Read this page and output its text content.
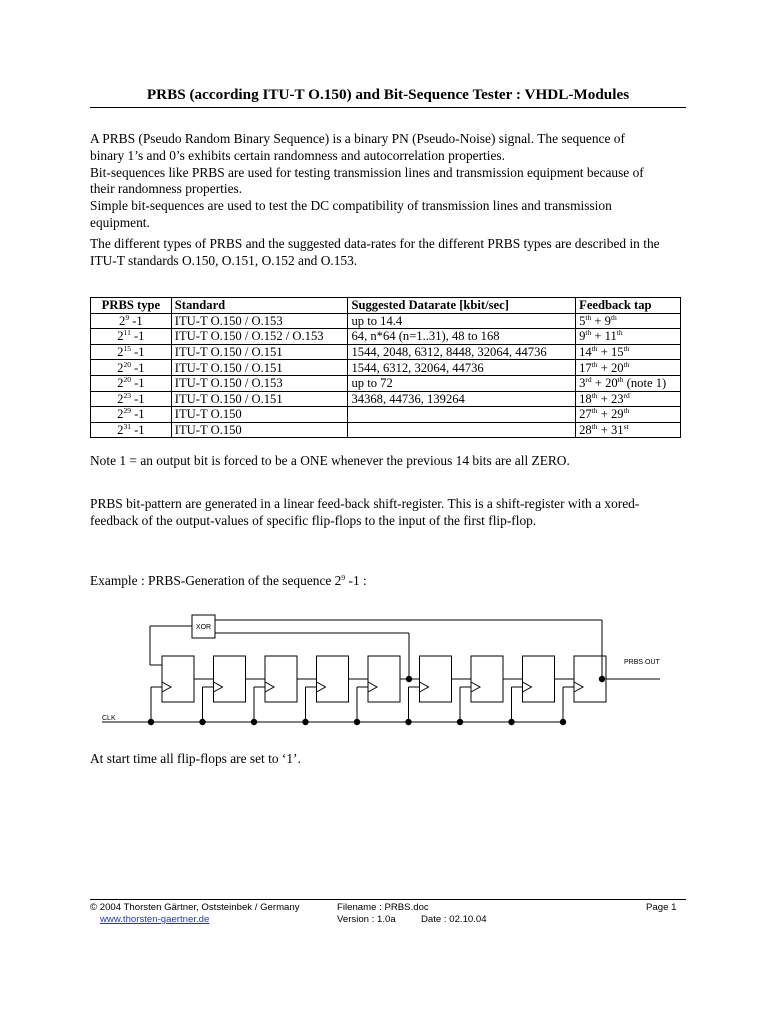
PRBS (according ITU-T O.150) and Bit-Sequence Tester : VHDL-Modules
A PRBS (Pseudo Random Binary Sequence) is a binary PN (Pseudo-Noise) signal. The sequence of
binary 1’s and 0’s exhibits certain randomness and autocorrelation properties.
Bit-sequences like PRBS are used for testing transmission lines and transmission equipment because of
their randomness properties.
Simple bit-sequences are used to test the DC compatibility of transmission lines and transmission
equipment.
The different types of PRBS and the suggested data-rates for the different PRBS types are described in the
ITU-T standards O.150, O.151, O.152 and O.153.
PRBS type	Standard	Suggested Datarate [kbit/sec]	Feedback tap
$2^9$ -1	ITU-T O.150 / O.153	up to 14.4	5th + 9th
$2^{11}$ -1	ITU-T O.150 / O.152 / O.153	64, n*64 (n=1..31), 48 to 168	9th + 11th
$2^{15}$ -1	ITU-T O.150 / O.151	1544, 2048, 6312, 8448, 32064, 44736	14th + 15th
$2^{20}$ -1	ITU-T O.150 / O.151	1544, 6312, 32064, 44736	17th + 20th
$2^{20}$ -1	ITU-T O.150 / O.153	up to 72	3rd + 20th (note 1)
$2^{23}$ -1	ITU-T O.150 / O.151	34368, 44736, 139264	18th + 23rd
$2^{29}$ -1	ITU-T O.150		27th + 29th
$2^{31}$ -1	ITU-T O.150		28th + 31st
Note 1 = an output bit is forced to be a ONE whenever the previous 14 bits are all ZERO.
PRBS bit-pattern are generated in a linear feed-back shift-register. This is a shift-register with a xored-
feedback of the output-values of specific flip-flops to the input of the first flip-flop.
Example : PRBS-Generation of the sequence $2^9$ -1 :
XOR
PRBS OUT
CLK
At start time all flip-flops are set to ‘1’.
© 2004 Thorsten Gärtner, Oststeinbek / Germany
www.thorsten-gaertner.de
Filename : PRBS.doc
Version : 1.0a	Date : 02.10.04
Page 1
